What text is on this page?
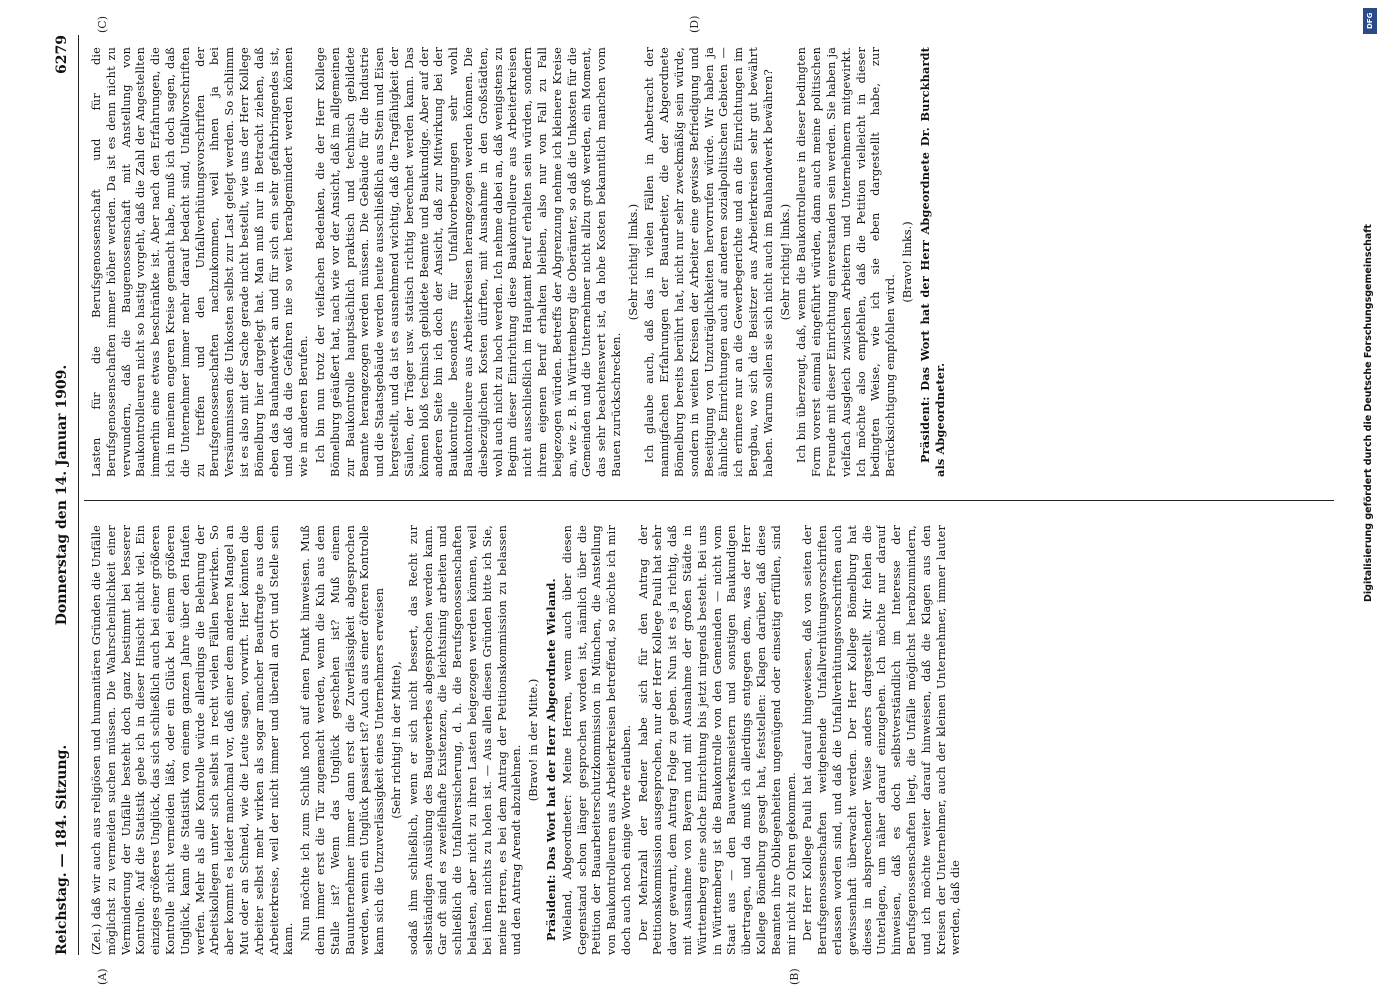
Reichstag. — 184. Sitzung.
Donnerstag den 14. Januar 1909.
6279
(A)	(B)
(C)	(D)

(Zei.) daß wir auch aus religiösen und humanitären Gründen die Unfälle möglichst zu vermeiden suchen müssen. Die Wahrscheinlichkeit einer Verminderung der Unfälle besteht doch ganz bestimmt bei besserer Kontrolle. Auf die Statistik gebe ich in dieser Hinsicht nicht viel. Ein einziges größeres Unglück, das sich schließlich auch bei einer größeren Kontrolle nicht vermeiden läßt, oder ein Glück bei einem größeren Unglück, kann die Statistik von einem ganzen Jahre über den Haufen werfen. Mehr als alle Kontrolle würde allerdings die Belehrung der Arbeitskollegen unter sich selbst in recht vielen Fällen bewirken. So aber kommt es leider manchmal vor, daß einer dem anderen Mangel an Mut oder an Schneid, wie die Leute sagen, vorwirft. Hier könnten die Arbeiter selbst mehr wirken als sogar mancher Beauftragte aus dem Arbeiterkreise, weil der nicht immer und überall an Ort und Stelle sein kann. Nun möchte ich zum Schluß noch auf einen Punkt hinweisen. Muß denn immer erst die Tür zugemacht werden, wenn die Kuh aus dem Stalle ist? Wenn das Unglück geschehen ist? Muß einem Bauunternehmer immer dann erst die Zuverlässigkeit abgesprochen werden, wenn ein Unglück passiert ist? Auch aus einer öfteren Kontrolle kann sich die Unzuverlässigkeit eines Unternehmers erweisen (Sehr richtig! in der Mitte), sodaß ihm schließlich, wenn er sich nicht bessert, das Recht zur selbständigen Ausübung des Baugewerbes abgesprochen werden kann. Gar oft sind es zweifelhafte Existenzen, die leichtsinnig arbeiten und schließlich die Unfallversicherung, d. h. die Berufsgenossenschaften belasten, aber nicht zu ihren Lasten beigezogen werden können, weil bei ihnen nichts zu holen ist. — Aus allen diesen Gründen bitte ich Sie, meine Herren, es bei dem Antrag der Petitionskommission zu belassen und den Antrag Arendt abzulehnen.

(Bravo! in der Mitte.) Präsident: Das Wort hat der Herr Abgeordnete Wieland. Wieland, Abgeordneter: Meine Herren, wenn auch über diesen Gegenstand schon länger gesprochen worden ist, nämlich über die Petition der Bauarbeiterschutzkommission in München, die Anstellung von Baukontrolleuren aus Arbeiterkreisen betreffend, so möchte ich mir doch auch noch einige Worte erlauben. Der Mehrzahl der Redner habe sich für den Antrag der Petitionskommission ausgesprochen, nur der Herr Kollege Pauli hat sehr davor gewarnt, dem Antrag Folge zu geben. Nun ist es ja richtig, daß mit Ausnahme von Bayern und mit Ausnahme der großen Städte in Württemberg eine solche Einrichtung bis jetzt nirgends besteht. Bei uns in Württemberg ist die Baukontrolle von den Gemeinden — nicht vom Staat aus — den Bauwerksmeistern und sonstigen Baukundigen übertragen, und da muß ich allerdings entgegen dem, was der Herr Kollege Bömelburg gesagt hat, feststellen: Klagen darüber, daß diese Beamten ihre Obliegenheiten ungenügend oder einseitig erfüllen, sind mir nicht zu Ohren gekommen. Der Herr Kollege Pauli hat darauf hingewiesen, daß von seiten der Berufsgenossenschaften weitgehende Unfallverhütungsvorschriften erlassen worden sind, und daß die Unfallverhütungsvorschriften auch gewissenhaft überwacht werden. Der Herr Kollege Bömelburg hat dieses in absprechender Weise anders dargestellt. Mir fehlen die Unterlagen, um näher darauf einzugehen. Ich möchte nur darauf hinweisen, daß es doch selbstverständlich im Interesse der Berufsgenossenschaften liegt, die Unfälle möglichst herabzumindern, und ich möchte weiter darauf hinweisen, daß die Klagen aus den Kreisen der Unternehmer, auch der kleinen Unternehmer, immer lauter werden, daß die

Lasten für die Berufsgenossenschaft und für die Berufsgenossenschaften immer höher werden. Da ist es denn nicht zu verwundern, daß die Baugenossenschaft mit Anstellung von Baukontrolleuren nicht so hastig vorgeht, daß die Zahl der Angestellten immerhin eine etwas beschränkte ist. Aber nach den Erfahrungen, die ich in meinem engeren Kreise gemacht habe, muß ich doch sagen, daß die Unternehmer immer mehr darauf bedacht sind, Unfallvorschriften zu treffen und den Unfallverhütungsvorschriften der Berufsgenossenschaften nachzukommen, weil ihnen ja bei Versäumnissen die Unkosten selbst zur Last gelegt werden. So schlimm ist es also mit der Sache gerade nicht bestellt, wie uns der Herr Kollege Bömelburg hier dargelegt hat. Man muß nur in Betracht ziehen, daß eben das Bauhandwerk an und für sich ein sehr gefahrbringendes ist, und daß da die Gefahren nie so weit herabgemindert werden können wie in anderen Berufen. Ich bin nun trotz der vielfachen Bedenken, die der Herr Kollege Bömelburg geäußert hat, nach wie vor der Ansicht, daß im allgemeinen zur Baukontrolle hauptsächlich praktisch und technisch gebildete Beamte herangezogen werden müssen. Die Gebäude für die Industrie und die Staatsgebäude werden heute ausschließlich aus Stein und Eisen hergestellt, und da ist es ausnehmend wichtig, daß die Tragfähigkeit der Säulen, der Träger usw. statisch richtig berechnet werden kann. Das können bloß technisch gebildete Beamte und Baukundige. Aber auf der anderen Seite bin ich doch der Ansicht, daß zur Mitwirkung bei der Baukontrolle besonders für Unfallvorbeugungen sehr wohl Baukontrolleure aus Arbeiterkreisen herangezogen werden können. Die diesbezüglichen Kosten dürften, mit Ausnahme in den Großstädten, wohl auch nicht zu hoch werden. Ich nehme dabei an, daß wenigstens zu Beginn dieser Einrichtung diese Baukontrolleure aus Arbeiterkreisen nicht ausschließlich im Hauptamt Beruf erhalten sein würden, sondern ihrem eigenen Beruf erhalten bleiben, also nur von Fall zu Fall beigezogen würden. Betreffs der Abgrenzung nehme ich kleinere Kreise an, wie z. B. in Württemberg die Oberämter, so daß die Unkosten für die Gemeinden und die Unternehmer nicht allzu groß werden, ein Moment, das sehr beachtenswert ist, da hohe Kosten bekanntlich manchen vom Bauen zurückschrecken.

(Sehr richtig! links.) Ich glaube auch, daß das in vielen Fällen in Anbetracht der mannigfachen Erfahrungen der Bauarbeiter, die der Abgeordnete Bömelburg bereits berührt hat, nicht nur sehr zweckmäßig sein würde, sondern in weiten Kreisen der Arbeiter eine gewisse Befriedigung und Beseitigung von Unzuträglichkeiten hervorrufen würde. Wir haben ja ähnliche Einrichtungen auch auf anderen sozialpolitischen Gebieten — ich erinnere nur an die Gewerbegerichte und an die Einrichtungen im Bergbau, wo sich die Beisitzer aus Arbeiterkreisen sehr gut bewährt haben. Warum sollen sie sich nicht auch im Bauhandwerk bewähren? (Sehr richtig! links.) Ich bin überzeugt, daß, wenn die Baukontrolleure in dieser bedingten Form vorerst einmal eingeführt würden, dann auch meine politischen Freunde mit dieser Einrichtung einverstanden sein werden. Sie haben ja vielfach Ausgleich zwischen Arbeitern und Unternehmern mitgewirkt. Ich möchte also empfehlen, daß die Petition vielleicht in dieser bedingten Weise, wie ich sie eben dargestellt habe, zur Berücksichtigung empfohlen wird.

(Bravo! links.) Präsident: Das Wort hat der Herr Abgeordnete Dr. Burckhardt als Abgeordneter.

DFG
Digitalisierung gefördert durch die Deutsche Forschungsgemeinschaft
